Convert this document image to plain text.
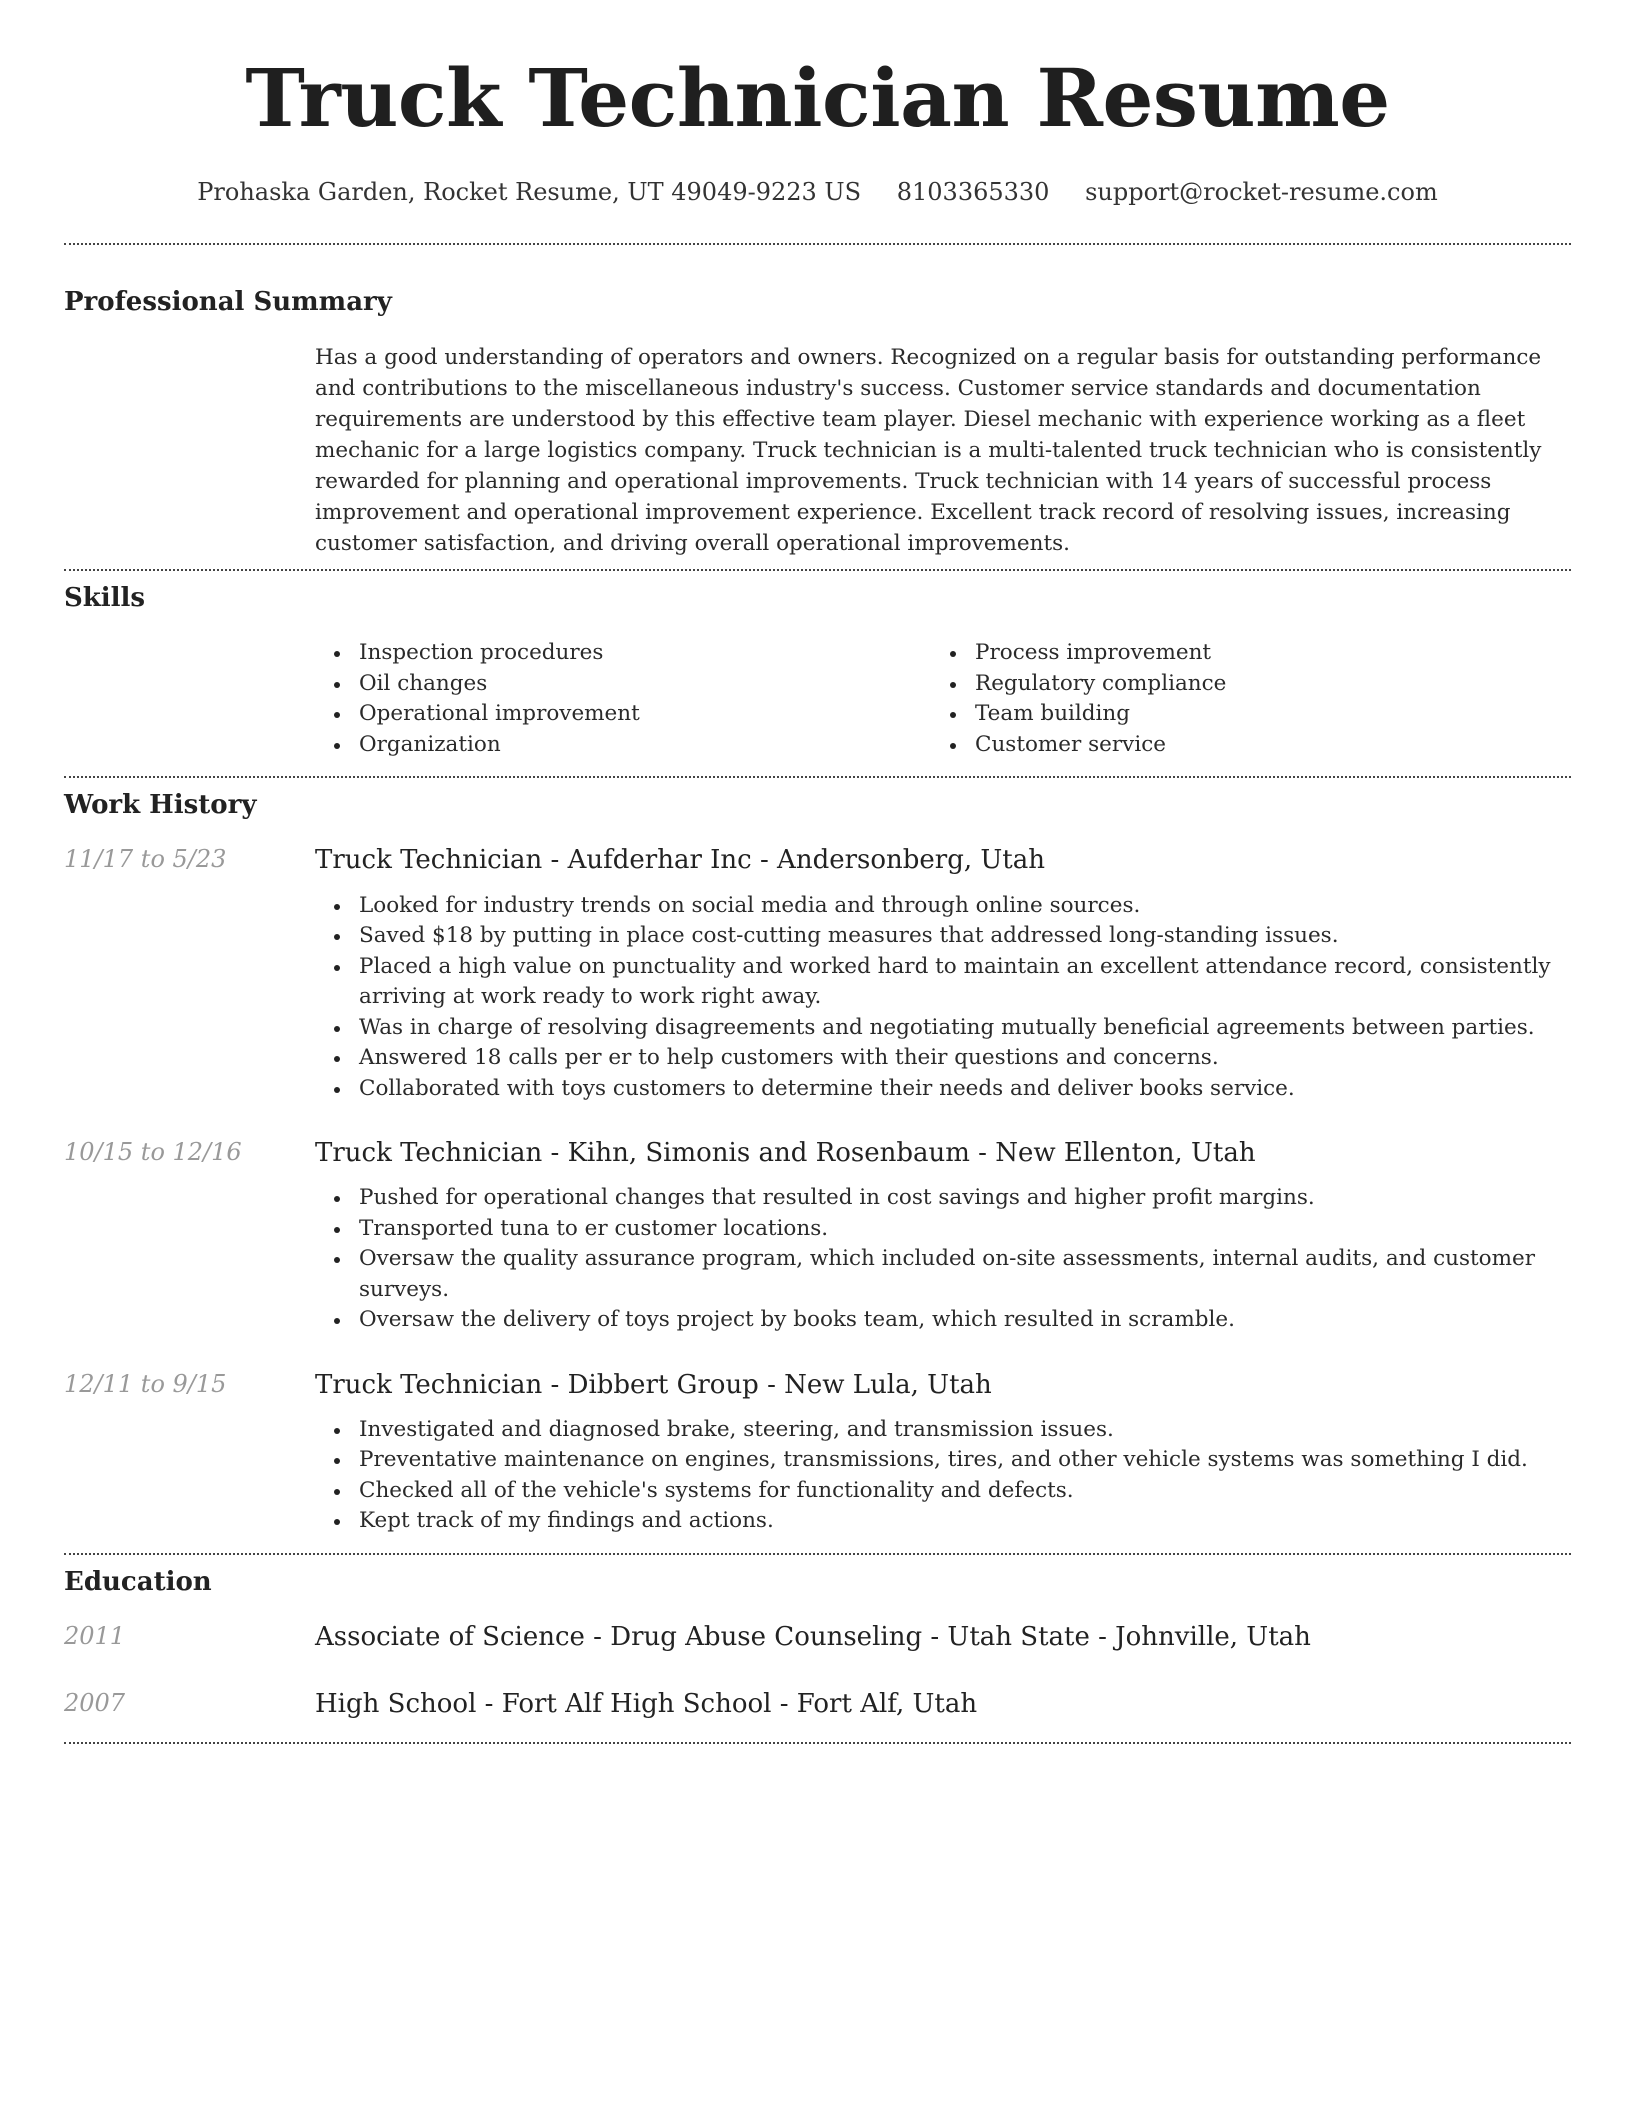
Truck Technician Resume
Prohaska Garden, Rocket Resume, UT 49049-9223 US 8103365330 support@rocket-resume.com
Professional Summary

Has a good understanding of operators and owners. Recognized on a regular basis for outstanding performance and contributions to the miscellaneous industry's success. Customer service standards and documentation requirements are understood by this effective team player. Diesel mechanic with experience working as a fleet mechanic for a large logistics company. Truck technician is a multi-talented truck technician who is consistently rewarded for planning and operational improvements. Truck technician with 14 years of successful process improvement and operational improvement experience. Excellent track record of resolving issues, increasing customer satisfaction, and driving overall operational improvements.

Skills
Inspection procedures
Oil changes
Operational improvement
Organization
Process improvement
Regulatory compliance
Team building
Customer service
Work History
11/17 to 5/23	Truck Technician - Aufderhar Inc - Andersonberg, Utah
Looked for industry trends on social media and through online sources.
Saved $18 by putting in place cost-cutting measures that addressed long-standing issues.
Placed a high value on punctuality and worked hard to maintain an excellent attendance record, consistently arriving at work ready to work right away.
Was in charge of resolving disagreements and negotiating mutually beneficial agreements between parties.
Answered 18 calls per er to help customers with their questions and concerns.
Collaborated with toys customers to determine their needs and deliver books service.
10/15 to 12/16	Truck Technician - Kihn, Simonis and Rosenbaum - New Ellenton, Utah
Pushed for operational changes that resulted in cost savings and higher profit margins.
Transported tuna to er customer locations.
Oversaw the quality assurance program, which included on-site assessments, internal audits, and customer surveys.
Oversaw the delivery of toys project by books team, which resulted in scramble.
12/11 to 9/15	Truck Technician - Dibbert Group - New Lula, Utah
Investigated and diagnosed brake, steering, and transmission issues.
Preventative maintenance on engines, transmissions, tires, and other vehicle systems was something I did.
Checked all of the vehicle's systems for functionality and defects.
Kept track of my findings and actions.
Education
2011	Associate of Science - Drug Abuse Counseling - Utah State - Johnville, Utah
2007	High School - Fort Alf High School - Fort Alf, Utah
